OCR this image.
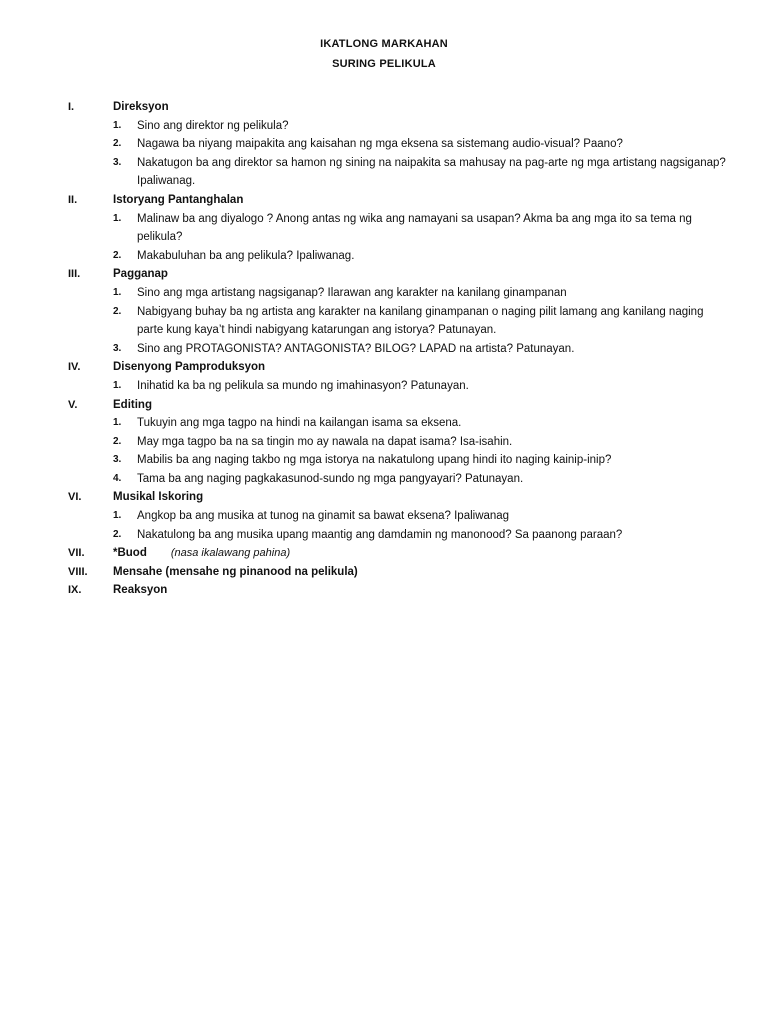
IKATLONG MARKAHAN
SURING PELIKULA
I.	Direksyon
1. Sino ang direktor ng pelikula?
2. Nagawa ba niyang maipakita ang kaisahan ng mga eksena sa sistemang audio-visual? Paano?
3. Nakatugon ba ang direktor sa hamon ng sining na naipakita sa mahusay na pag-arte ng mga artistang nagsiganap? Ipaliwanag.
II.	Istoryang Pantanghalan
1. Malinaw ba ang diyalogo ? Anong antas ng wika ang namayani sa usapan? Akma ba ang mga ito sa tema ng pelikula?
2. Makabuluhan ba ang pelikula? Ipaliwanag.
III.	Pagganap
1. Sino ang mga artistang nagsiganap? Ilarawan ang karakter na kanilang ginampanan
2. Nabigyang buhay ba ng artista ang karakter na kanilang ginampanan o naging pilit lamang ang kanilang naging parte kung kaya’t hindi nabigyang katarungan ang istorya? Patunayan.
3. Sino ang PROTAGONISTA? ANTAGONISTA? BILOG? LAPAD na artista? Patunayan.
IV.	Disenyong Pamproduksyon
1. Inihatid ka ba ng pelikula sa mundo ng imahinasyon? Patunayan.
V.	Editing
1. Tukuyin ang mga tagpo na hindi na kailangan isama sa eksena.
2. May mga tagpo ba na sa tingin mo ay nawala na dapat isama? Isa-isahin.
3. Mabilis ba ang naging takbo ng mga istorya na nakatulong upang hindi ito naging kainip-inip?
4. Tama ba ang naging pagkakasunod-sundo ng mga pangyayari? Patunayan.
VI.	Musikal Iskoring
1. Angkop ba ang musika at tunog na ginamit sa bawat eksena? Ipaliwanag
2. Nakatulong ba ang musika upang maantig ang damdamin ng manonood? Sa paanong paraan?
VII. *Buod (nasa ikalawang pahina)
VIII. Mensahe (mensahe ng pinanood na pelikula)
IX.	Reaksyon
